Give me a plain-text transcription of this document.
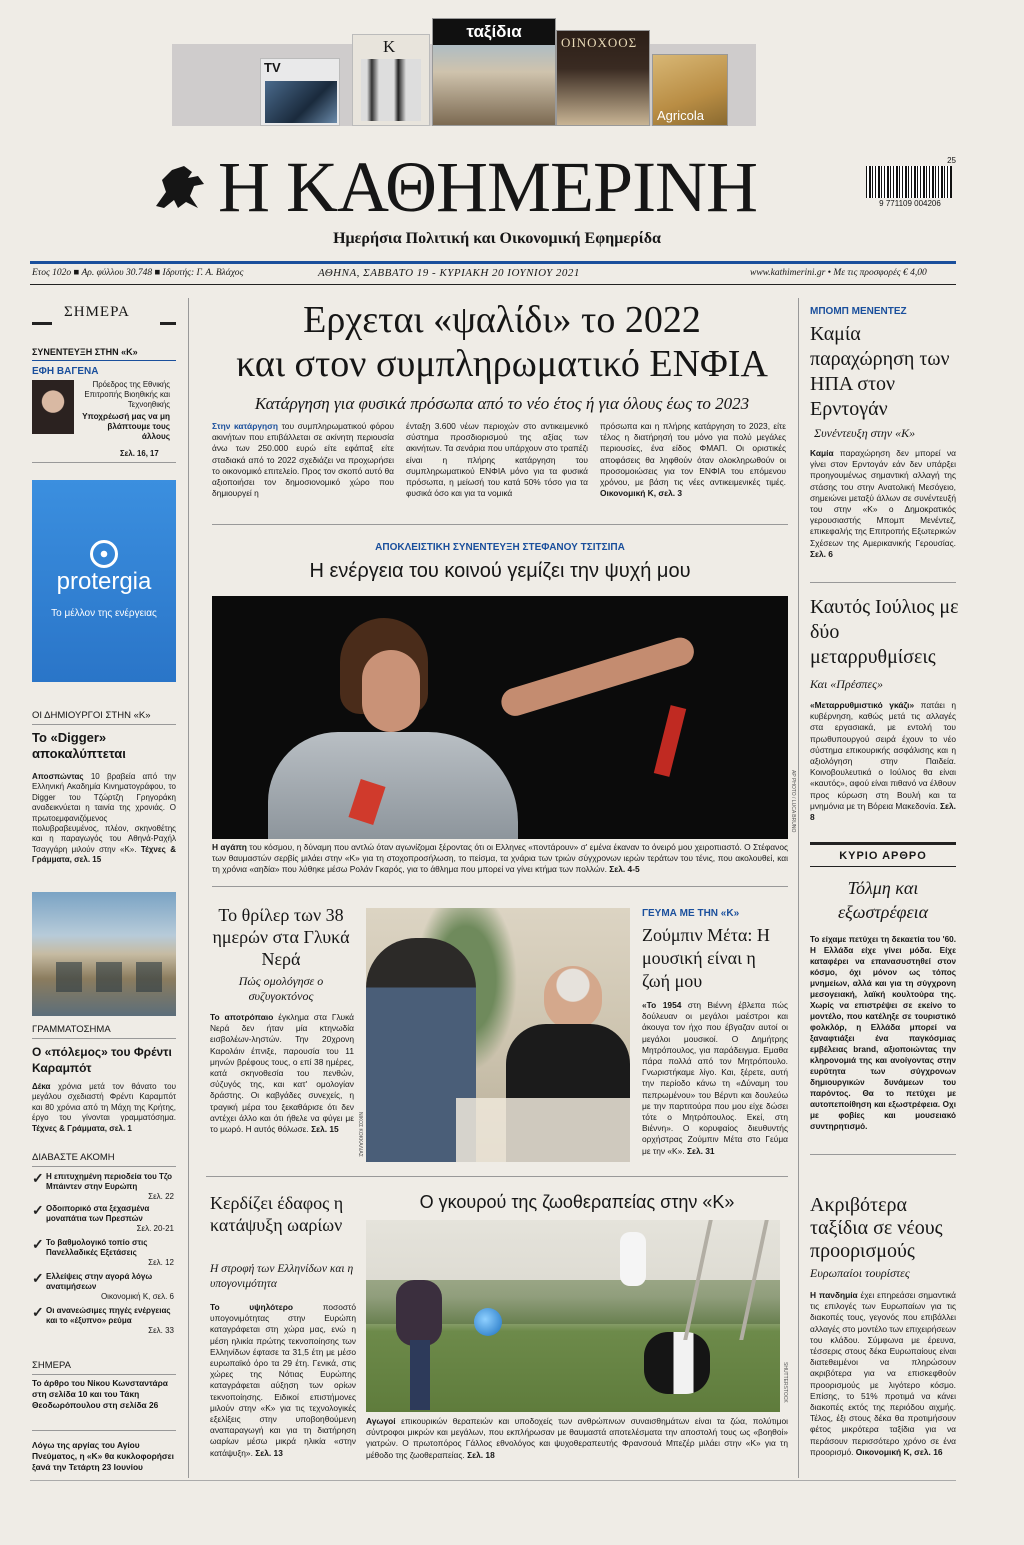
TV
K
ταξίδια
ΟΙΝΟΧΟΟΣ
Agricola
Η ΚΑΘΗΜΕΡΙΝΗ
Ημερήσια Πολιτική και Οικονομική Εφημερίδα
25
9 771109 004206
Ετος 102ο ■ Αρ. φύλλου 30.748 ■ Ιδρυτής: Γ. Α. Βλάχος	ΑΘΗΝΑ, ΣΑΒΒΑΤΟ 19 - ΚΥΡΙΑΚΗ 20 ΙΟΥΝΙΟΥ 2021	www.kathimerini.gr • Με τις προσφορές € 4,00
ΣΗΜΕΡΑ
ΣΥΝΕΝΤΕΥΞΗ ΣΤΗΝ «Κ»
ΕΦΗ ΒΑΓΕΝΑ
Πρόεδρος της Εθνικής Επιτροπής Βιοηθικής και Τεχνοηθικής
Υποχρέωσή μας να μη βλάπτουμε τους άλλους
Σελ. 16, 17
protergia
Το μέλλον της ενέργειας
ΟΙ ΔΗΜΙΟΥΡΓΟΙ ΣΤΗΝ «Κ»
Το «Digger» αποκαλύπτεται
Αποσπώντας 10 βραβεία από την Ελληνική Ακαδημία Κινηματογράφου, το Digger του Τζώρτζη Γρηγοράκη αναδεικνύεται η ταινία της χρονιάς. Ο πρωτοεμφανιζόμενος πολυβραβευμένος, πλέον, σκηνοθέτης και η παραγωγός του Αθηνά-Ραχήλ Τσαγγάρη μιλούν στην «Κ». Τέχνες & Γράμματα, σελ. 15
ΓΡΑΜΜΑΤΟΣΗΜΑ
Ο «πόλεμος» του Φρέντι Καραμπότ
Δέκα χρόνια μετά τον θάνατο του μεγάλου σχεδιαστή Φρέντι Καραμπότ και 80 χρόνια από τη Μάχη της Κρήτης, έργο του γίνονται γραμματόσημα. Τέχνες & Γράμματα, σελ. 1
ΔΙΑΒΑΣΤΕ ΑΚΟΜΗ
✓ Η επιτυχημένη περιοδεία του Τζο Μπάιντεν στην Ευρώπη
Σελ. 22
✓ Οδοιπορικό στα ξεχασμένα μοναπάτια των Πρεσπών
Σελ. 20-21
✓ Το βαθμολογικό τοπίο στις Πανελλαδικές Εξετάσεις
Σελ. 12
✓ Ελλείψεις στην αγορά λόγω ανατιμήσεων
Οικονομική Κ, σελ. 6
✓ Οι ανανεώσιμες πηγές ενέργειας και το «έξυπνο» ρεύμα
Σελ. 33
ΣΗΜΕΡΑ
Το άρθρο του Νίκου Κωνσταντάρα στη σελίδα 10 και του Τάκη Θεοδωρόπουλου στη σελίδα 26
Λόγω της αργίας του Αγίου Πνεύματος, η «Κ» θα κυκλοφορήσει ξανά την Τετάρτη 23 Ιουνίου
Ερχεται «ψαλίδι» το 2022
και στον συμπληρωματικό ΕΝΦΙΑ
Κατάργηση για φυσικά πρόσωπα από το νέο έτος ή για όλους έως το 2023
Στην κατάργηση του συμπληρωματικού φόρου ακινήτων που επιβάλλεται σε ακίνητη περιουσία άνω των 250.000 ευρώ είτε εφάπαξ είτε σταδιακά από το 2022 σχεδιάζει να προχωρήσει το οικονομικό επιτελείο. Προς τον σκοπό αυτό θα αξιοποιήσει τον δημοσιονομικό χώρο που δημιουργεί η
ένταξη 3.600 νέων περιοχών στο αντικειμενικό σύστημα προσδιορισμού της αξίας των ακινήτων. Τα σενάρια που υπάρχουν στο τραπέζι είναι η πλήρης κατάργηση του συμπληρωματικού ΕΝΦΙΑ μόνο για τα φυσικά πρόσωπα, η μείωσή του κατά 50% τόσο για τα φυσικά όσο και για τα νομικά
πρόσωπα και η πλήρης κατάργηση το 2023, είτε τέλος η διατήρησή του μόνο για πολύ μεγάλες περιουσίες, ένα είδος ΦΜΑΠ. Οι οριστικές αποφάσεις θα ληφθούν όταν ολοκληρωθούν οι προσομοιώσεις για τον ΕΝΦΙΑ του επόμενου χρόνου, με βάση τις νέες αντικειμενικές τιμές. Οικονομική Κ, σελ. 3
ΑΠΟΚΛΕΙΣΤΙΚΗ ΣΥΝΕΝΤΕΥΞΗ ΣΤΕΦΑΝΟΥ ΤΣΙΤΣΙΠΑ
Η ενέργεια του κοινού γεμίζει την ψυχή μου
AP PHOTO / LUCA BRUNO
Η αγάπη του κόσμου, η δύναμη που αντλώ όταν αγωνίζομαι ξέροντας ότι οι Ελληνες «ποντάρουν» σ' εμένα έκαναν το όνειρό μου χειροπιαστό. Ο Στέφανος των θαυμαστών σερβίς μιλάει στην «Κ» για τη στοχοπροσήλωση, το πείσμα, τα χνάρια των τριών σύγχρονων ιερών τεράτων του τένις, που ακολουθεί, και τη χρόνια «αηδία» που λύθηκε μέσω Ρολάν Γκαρός, για το άθλημα που μπορεί να γίνει κτήμα των πολλών. Σελ. 4-5
ΜΠΟΜΠ ΜΕΝΕΝΤΕΖ
Καμία παραχώρηση των ΗΠΑ στον Ερντογάν
Συνέντευξη στην «Κ»
Καμία παραχώρηση δεν μπορεί να γίνει στον Ερντογάν εάν δεν υπάρξει προηγουμένως σημαντική αλλαγή της στάσης του στην Ανατολική Μεσόγειο, σημειώνει μεταξύ άλλων σε συνέντευξή του στην «Κ» ο Δημοκρατικός γερουσιαστής Μπομπ Μενέντεζ, επικεφαλής της Επιτροπής Εξωτερικών Σχέσεων της Αμερικανικής Γερουσίας. Σελ. 6
Καυτός Ιούλιος με δύο μεταρρυθμίσεις
Και «Πρέσπες»
«Μεταρρυθμιστικό γκάζι» πατάει η κυβέρνηση, καθώς μετά τις αλλαγές στα εργασιακά, με εντολή του πρωθυπουργού σειρά έχουν το νέο σύστημα επικουρικής ασφάλισης και η αξιολόγηση στην Παιδεία. Κοινοβουλευτικά ο Ιούλιος θα είναι «καυτός», αφού είναι πιθανό να έλθουν προς κύρωση στη Βουλή και τα μνημόνια με τη Βόρεια Μακεδονία. Σελ. 8
ΚΥΡΙΟ ΑΡΘΡΟ
Τόλμη και εξωστρέφεια
Το είχαμε πετύχει τη δεκαετία του '60. Η Ελλάδα είχε γίνει μόδα. Είχε καταφέρει να επανασυστηθεί στον κόσμο, όχι μόνον ως τόπος μνημείων, αλλά και για τη σύγχρονη μεσογειακή, λαϊκή κουλτούρα της. Χωρίς να επιστρέψει σε εκείνο το μοντέλο, που κατέληξε σε τουριστικό φολκλόρ, η Ελλάδα μπορεί να ξαναφτιάξει ένα παγκόσμιας εμβέλειας brand, αξιοποιώντας την κληρονομιά της και ανοίγοντας στην ευρύτητα των σύγχρονων δημιουργικών δυνάμεων του παρόντος. Θα το πετύχει με αυτοπεποίθηση και εξωστρέφεια. Οχι με φοβίες και μουσειακό συντηρητισμό.
Ακριβότερα ταξίδια σε νέους προορισμούς
Ευρωπαίοι τουρίστες
Η πανδημία έχει επηρεάσει σημαντικά τις επιλογές των Ευρωπαίων για τις διακοπές τους, γεγονός που επιβάλλει αλλαγές στο μοντέλο των επιχειρήσεων του κλάδου. Σύμφωνα με έρευνα, τέσσερις στους δέκα Ευρωπαίους είναι διατεθειμένοι να πληρώσουν ακριβότερα για να επισκεφθούν προορισμούς με λιγότερο κόσμο. Επίσης, το 51% προτιμά να κάνει διακοπές εκτός της περιόδου αιχμής. Τέλος, έξι στους δέκα θα προτιμήσουν φέτος μικρότερα ταξίδια για να περάσουν περισσότερο χρόνο σε ένα προορισμό. Οικονομική Κ, σελ. 16
Το θρίλερ των 38 ημερών στα Γλυκά Νερά
Πώς ομολόγησε ο συζυγοκτόνος
Το αποτρόπαιο έγκλημα στα Γλυκά Νερά δεν ήταν μία κτηνωδία εισβολέων-ληστών. Την 20χρονη Καρολάιν έπνιξε, παρουσία του 11 μηνών βρέφους τους, ο επί 38 ημέρες, κατά σκηνοθεσία του πενθών, σύζυγός της, και κατ' ομολογίαν δράστης. Οι καβγάδες συνεχείς, η τραγική μέρα του ξεκαθάρισε ότι δεν αντέχει άλλο και ότι ήθελε να φύγει με το μωρό. Η αυτός θόλωσε. Σελ. 15	ΝΙΚΟΣ ΚΟΚΚΑΛΙΑΣ
ΓΕΥΜΑ ΜΕ ΤΗΝ «Κ»
Ζούμπιν Μέτα: Η μουσική είναι η ζωή μου
«Το 1954 στη Βιέννη έβλεπα πώς δούλευαν οι μεγάλοι μαέστροι και άκουγα τον ήχο που έβγαζαν αυτοί οι μεγάλοι μουσικοί. Ο Δημήτρης Μητρόπουλος, για παράδειγμα. Εμαθα πάρα πολλά από τον Μητρόπουλο. Γνωριστήκαμε λίγο. Και, ξέρετε, αυτή την περίοδο κάνω τη «Δύναμη του πεπρωμένου» του Βέρντι και δουλεύω με την παρτιτούρα που μου είχε δώσει τότε ο Μητρόπουλος. Εκεί, στη Βιέννη». Ο κορυφαίος διευθυντής ορχήστρας Ζούμπιν Μέτα στο Γεύμα με την «Κ». Σελ. 31
Κερδίζει έδαφος η κατάψυξη ωαρίων
Η στροφή των Ελληνίδων και η υπογονιμότητα
Το υψηλότερο	ποσοστό υπογονιμότητας στην Ευρώπη καταγράφεται στη χώρα μας, ενώ η μέση ηλικία πρώτης τεκνοποίησης των Ελληνίδων έφτασε τα 31,5 έτη με μέσο ευρωπαϊκό όρο τα 29 έτη. Γενικά, στις χώρες της Νότιας Ευρώπης καταγράφεται αύξηση των ορίων τεκνοποίησης. Ειδικοί επιστήμονες μιλούν στην «Κ» για τις τεχνολογικές εξελίξεις στην υποβοηθούμενη αναπαραγωγή και για τη διατήρηση ωαρίων μέσω μικρά ηλικία «στην κατάψυξη». Σελ. 13
Ο γκουρού της ζωοθεραπείας στην «Κ»
SHUTTERSTOCK
Αγωγοί επικουρικών θεραπειών και υποδοχείς των ανθρώπινων συναισθημάτων είναι τα ζώα, πολύτιμοι σύντροφοι μικρών και μεγάλων, που εκπλήρωσαν με θαυμαστά αποτελέσματα την αποστολή τους ως «βοηθοί» γιατρών. Ο πρωτοπόρος Γάλλος εθνολόγος και ψυχοθεραπευτής Φρανσουά Μπεζέρ μιλάει στην «Κ» για τη μέθοδο της ζωοθεραπείας. Σελ. 18
